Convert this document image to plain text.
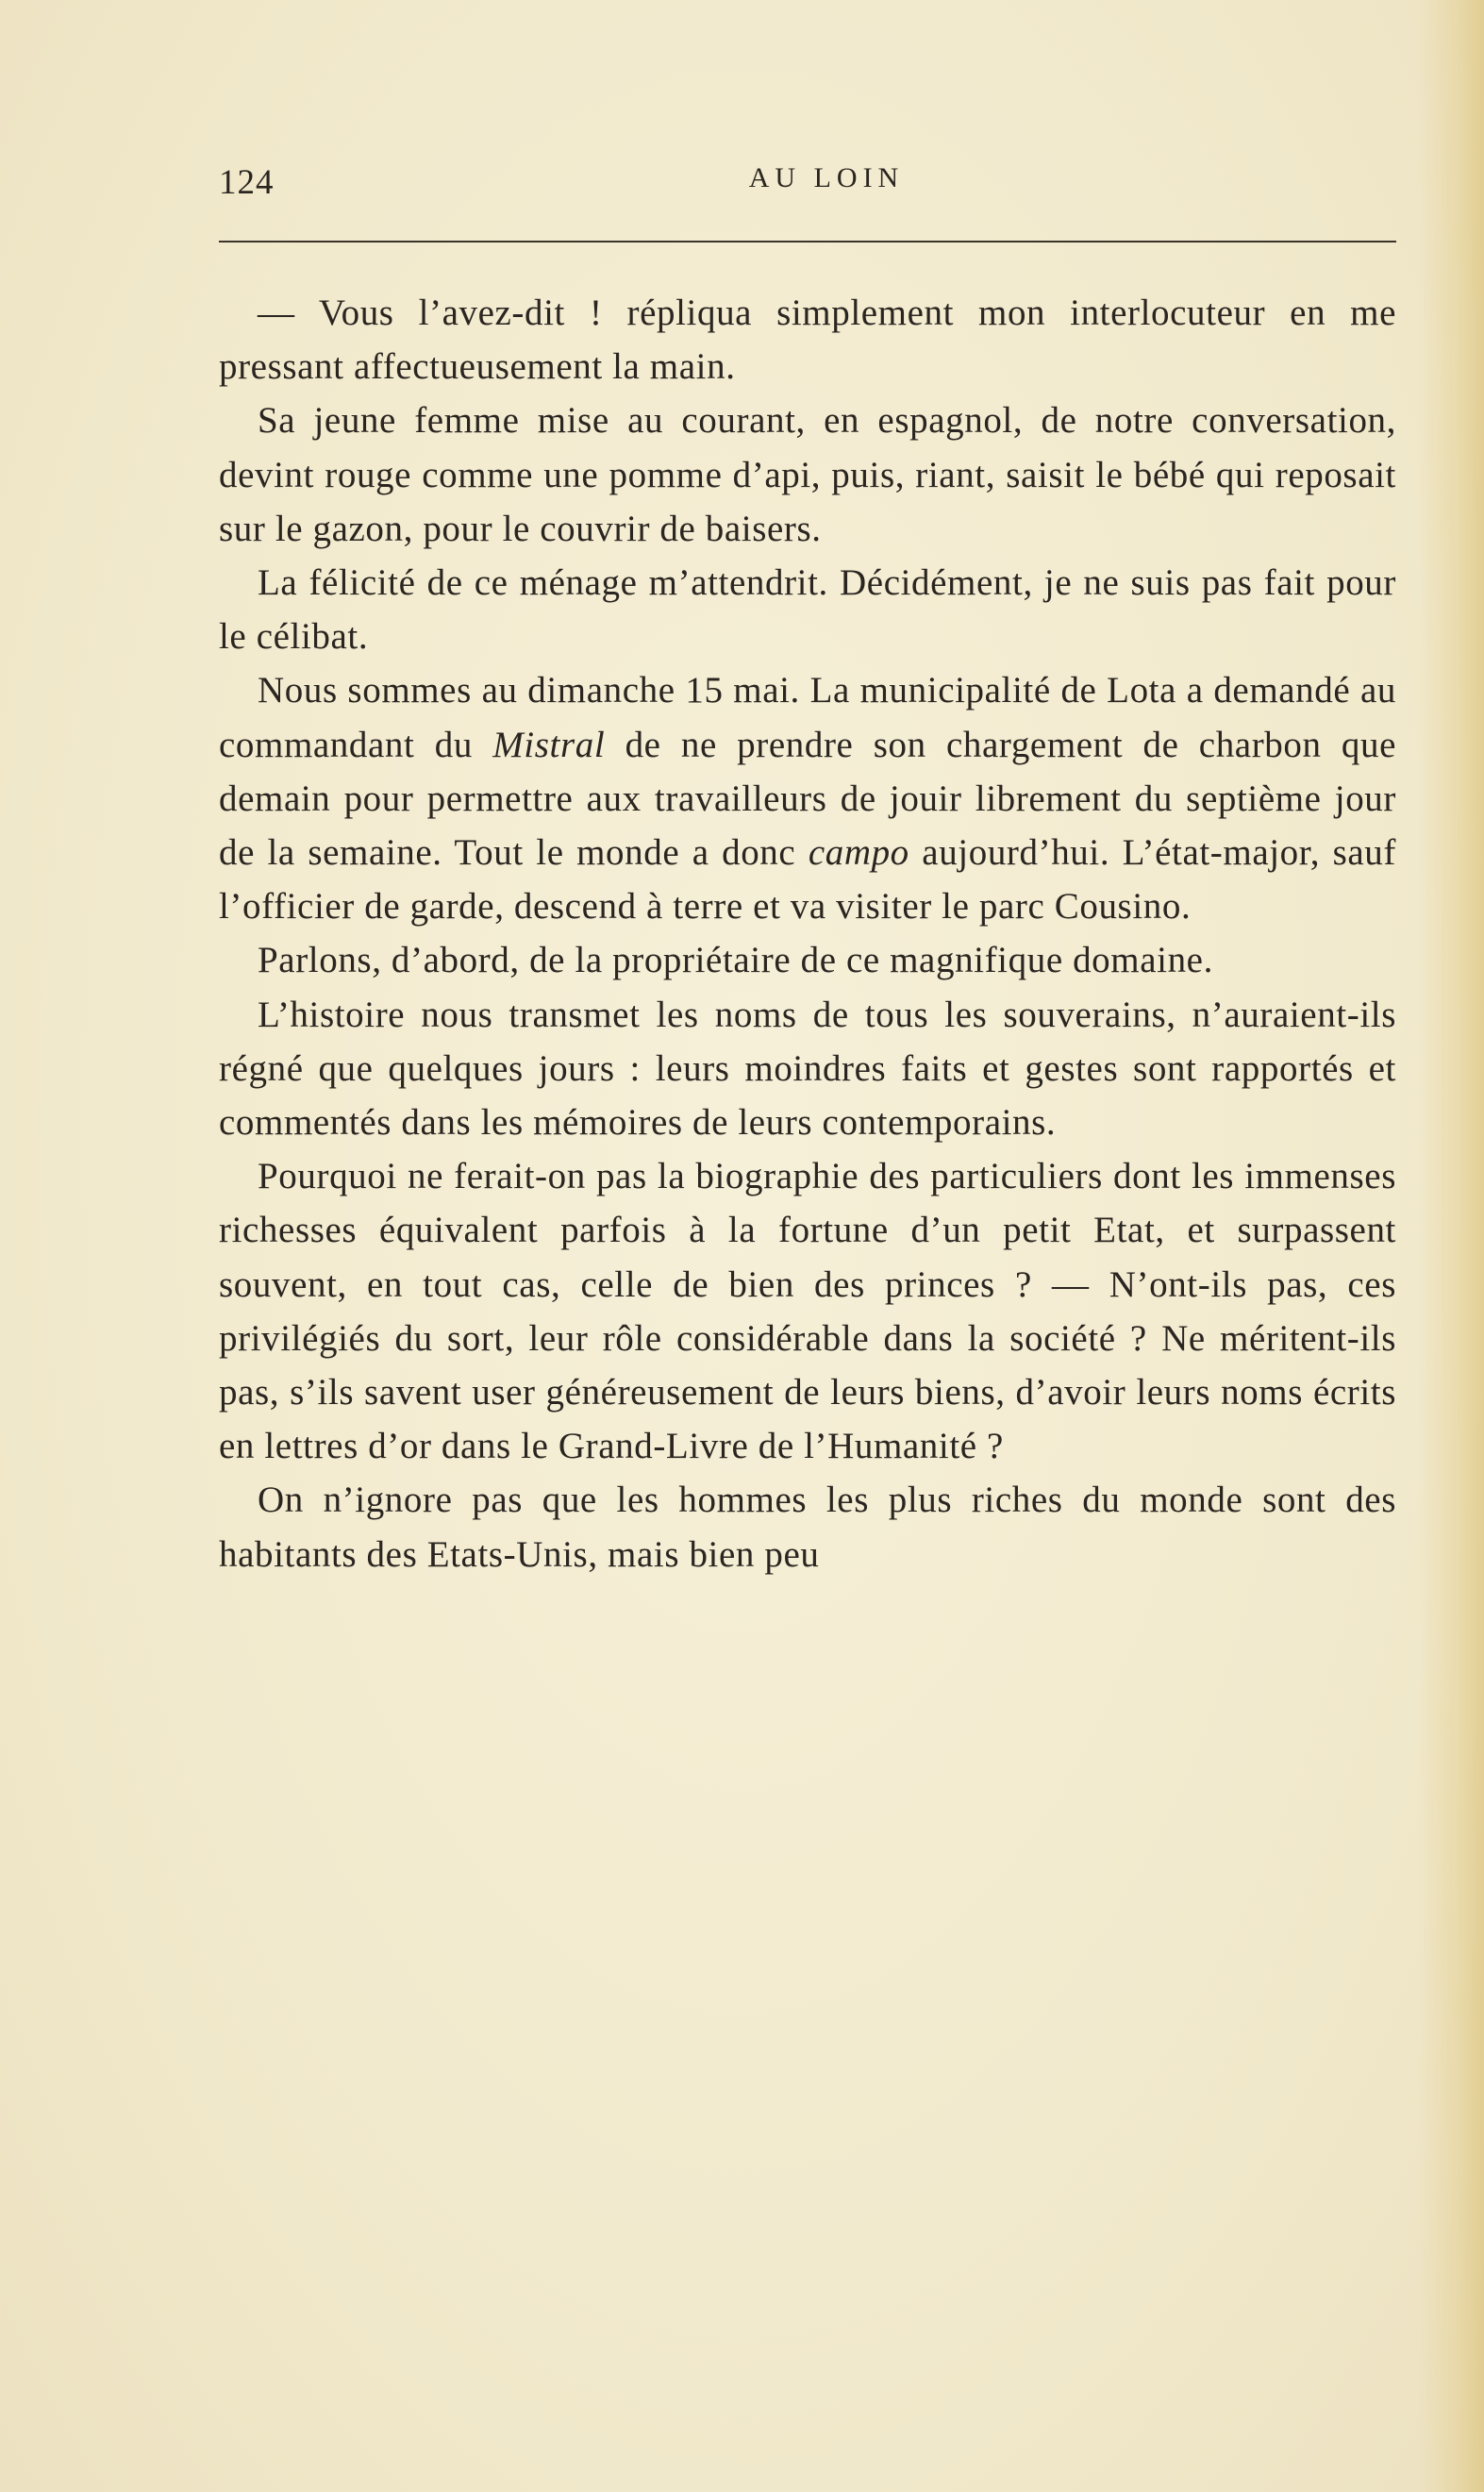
124	AU LOIN

— Vous l’avez-dit ! répliqua simplement mon interlocuteur en me pressant affectueusement la main.

Sa jeune femme mise au courant, en espagnol, de notre conversation, devint rouge comme une pomme d’api, puis, riant, saisit le bébé qui reposait sur le gazon, pour le couvrir de baisers.

La félicité de ce ménage m’attendrit. Décidément, je ne suis pas fait pour le célibat.

Nous sommes au dimanche 15 mai. La municipalité de Lota a demandé au commandant du Mistral de ne prendre son chargement de charbon que demain pour permettre aux travailleurs de jouir librement du septième jour de la semaine. Tout le monde a donc campo aujourd’hui. L’état-major, sauf l’officier de garde, descend à terre et va visiter le parc Cousino.

Parlons, d’abord, de la propriétaire de ce magnifique domaine.

L’histoire nous transmet les noms de tous les souverains, n’auraient-ils régné que quelques jours : leurs moindres faits et gestes sont rapportés et commentés dans les mémoires de leurs contemporains.

Pourquoi ne ferait-on pas la biographie des particuliers dont les immenses richesses équivalent parfois à la fortune d’un petit Etat, et surpassent souvent, en tout cas, celle de bien des princes ? — N’ont-ils pas, ces privilégiés du sort, leur rôle considérable dans la société ? Ne méritent-ils pas, s’ils savent user généreusement de leurs biens, d’avoir leurs noms écrits en lettres d’or dans le Grand-Livre de l’Humanité ?

On n’ignore pas que les hommes les plus riches du monde sont des habitants des Etats-Unis, mais bien peu
